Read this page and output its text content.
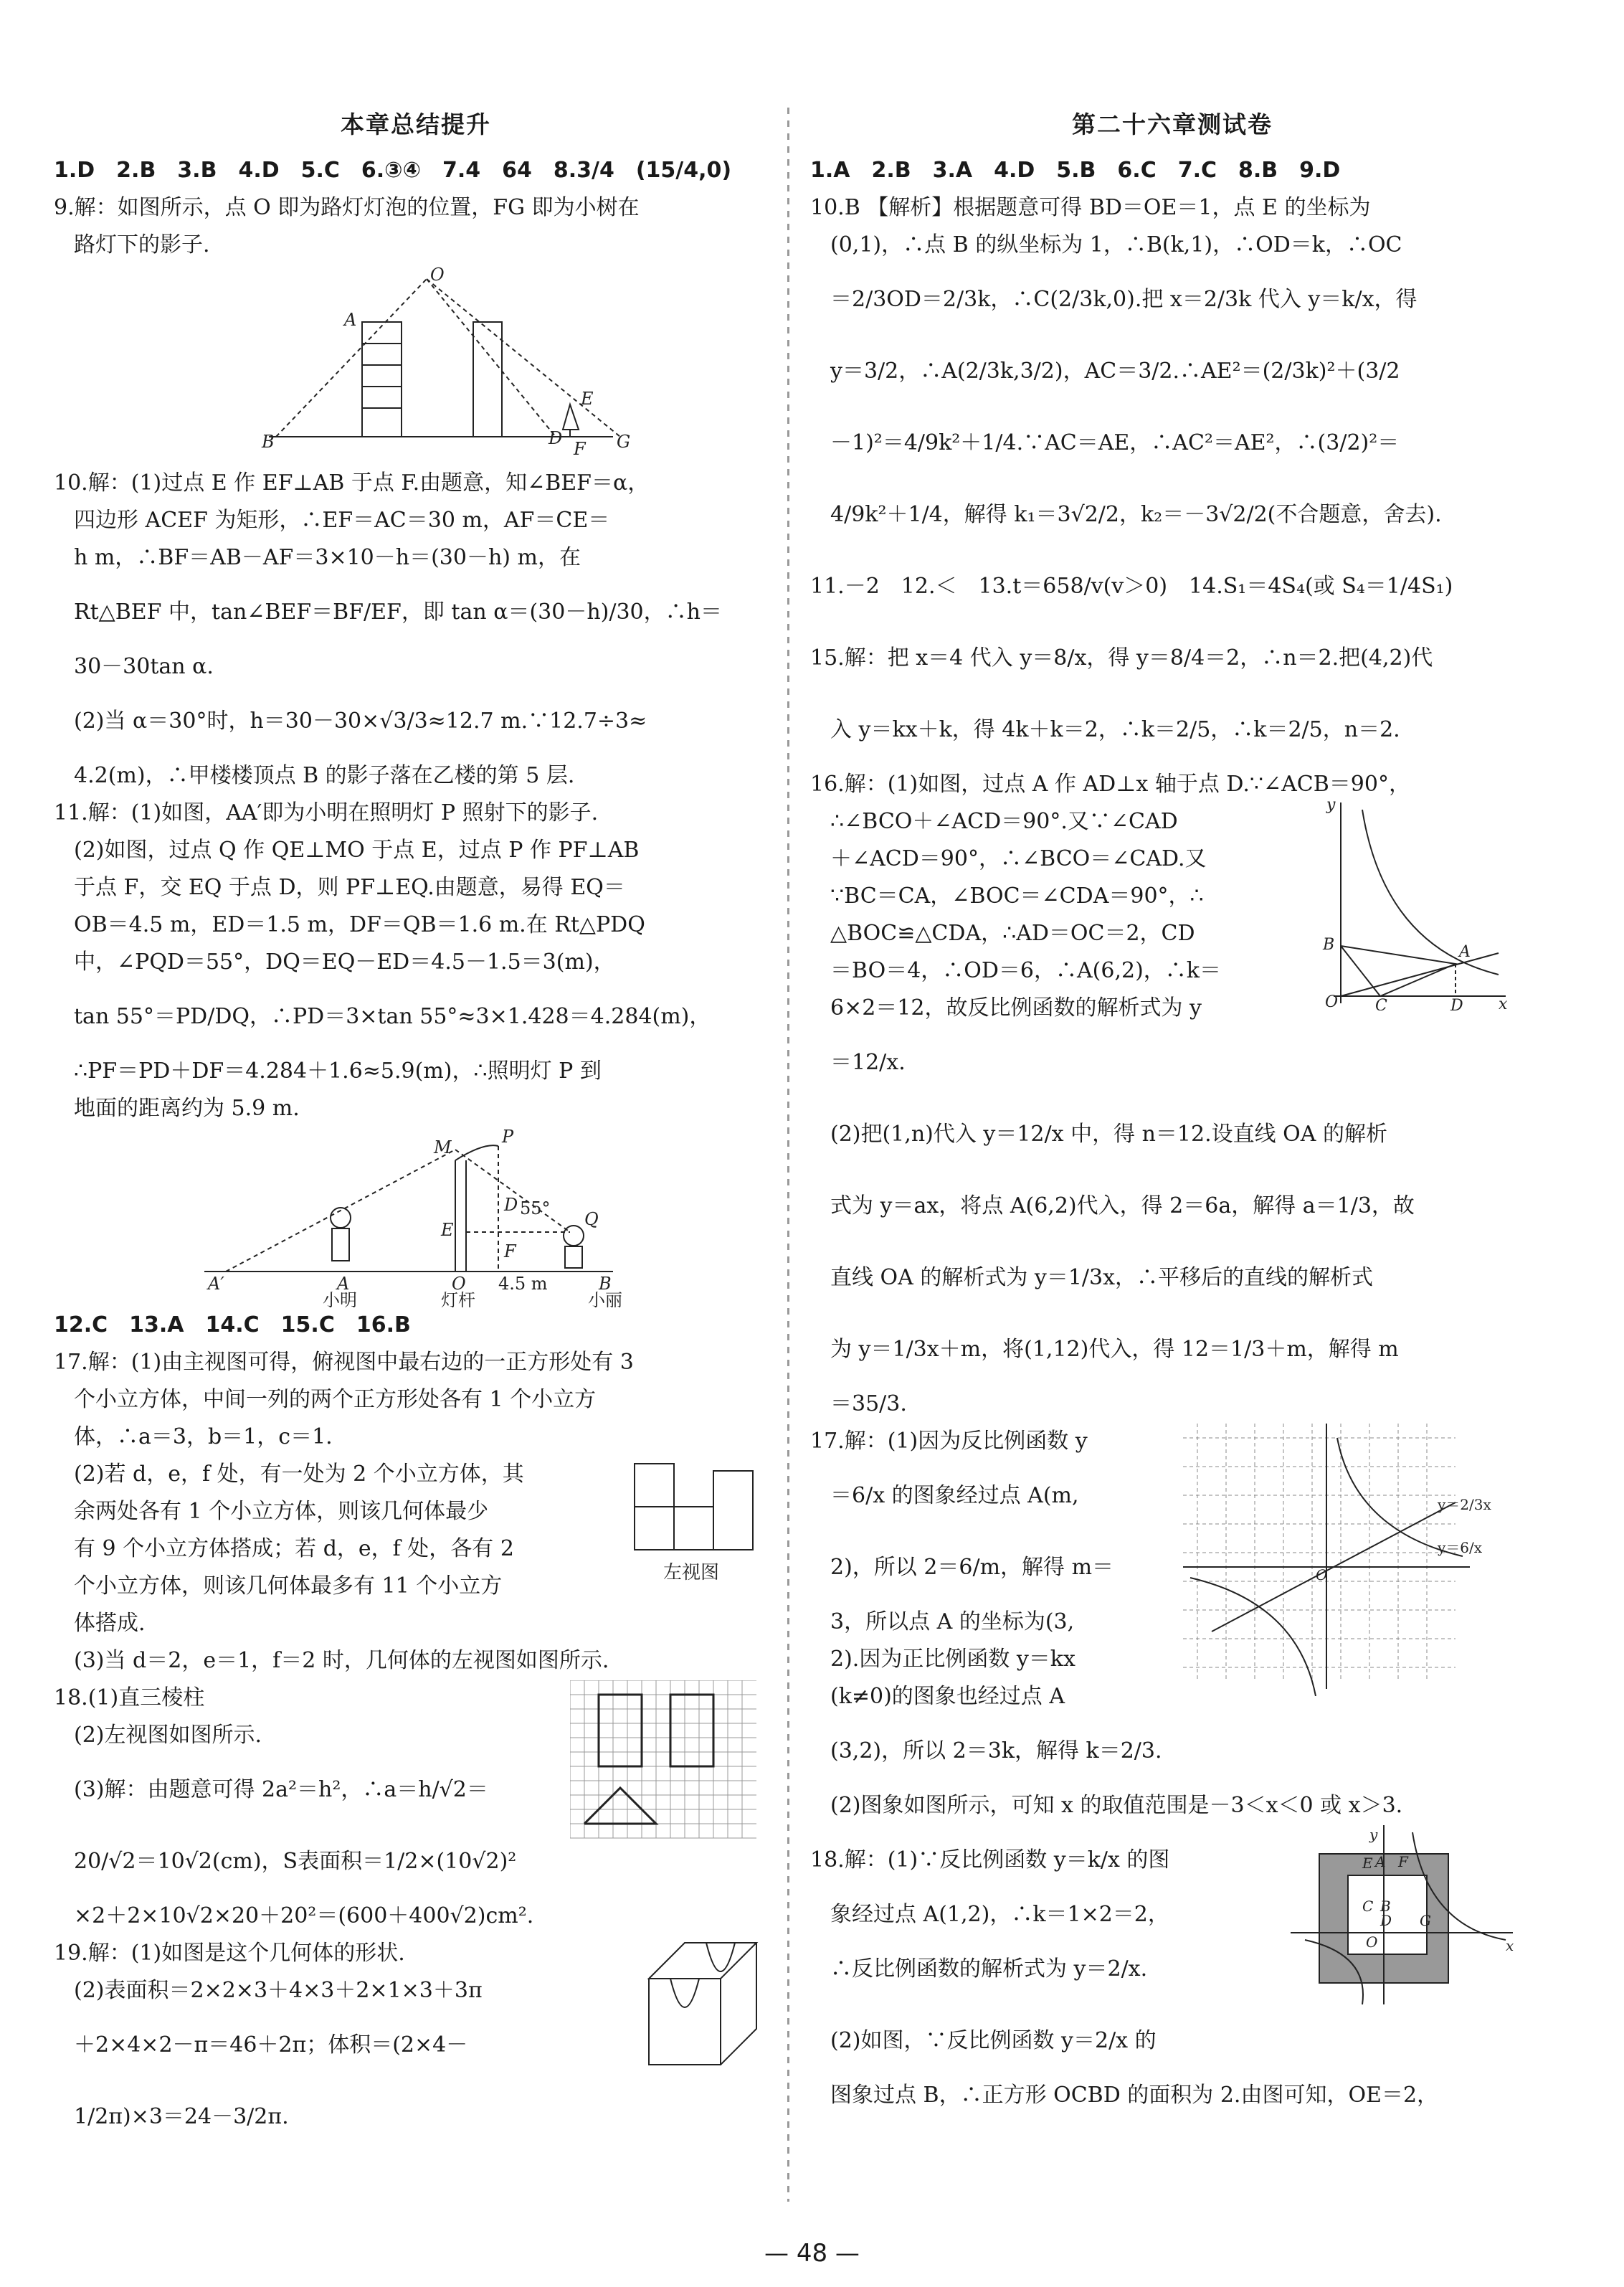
本章总结提升
1.D　2.B　3.B　4.D　5.C　6.③④　7.4　64　8.3/4　(15/4,0)
9.解：如图所示，点 O 即为路灯灯泡的位置，FG 即为小树在
路灯下的影子.
O
A
B
E
D
F G
10.解：(1)过点 E 作 EF⊥AB 于点 F.由题意，知∠BEF＝α，
四边形 ACEF 为矩形，∴EF＝AC＝30 m，AF＝CE＝
h m，∴BF＝AB－AF＝3×10－h＝(30－h) m，在
Rt△BEF 中，tan∠BEF＝BF/EF，即 tan α＝(30－h)/30，∴h＝
30－30tan α.
(2)当 α＝30°时，h＝30－30×√3/3≈12.7 m.∵12.7÷3≈
4.2(m)，∴甲楼楼顶点 B 的影子落在乙楼的第 5 层.
11.解：(1)如图，AA′即为小明在照明灯 P 照射下的影子.
(2)如图，过点 Q 作 QE⊥MO 于点 E，过点 P 作 PF⊥AB
于点 F，交 EQ 于点 D，则 PF⊥EQ.由题意，易得 EQ＝
OB＝4.5 m，ED＝1.5 m，DF＝QB＝1.6 m.在 Rt△PDQ
中，∠PQD＝55°，DQ＝EQ－ED＝4.5－1.5＝3(m)，
tan 55°＝PD/DQ，∴PD＝3×tan 55°≈3×1.428＝4.284(m)，
∴PF＝PD＋DF＝4.284＋1.6≈5.9(m)，∴照明灯 P 到
地面的距离约为 5.9 m.
M
P
Q
D
E
F
A′	A	O	B
55°
4.5 m
小明	灯杆	小丽
12.C　13.A　14.C　15.C　16.B
17.解：(1)由主视图可得，俯视图中最右边的一正方形处有 3
个小立方体，中间一列的两个正方形处各有 1 个小立方
体，∴a＝3，b＝1，c＝1.
(2)若 d，e，f 处，有一处为 2 个小立方体，其
余两处各有 1 个小立方体，则该几何体最少
有 9 个小立方体搭成；若 d，e，f 处，各有 2
个小立方体，则该几何体最多有 11 个小立方
体搭成.
左视图
(3)当 d＝2，e＝1，f＝2 时，几何体的左视图如图所示.
18.(1)直三棱柱
(2)左视图如图所示.
(3)解：由题意可得 2a²＝h²，∴a＝h/√2＝
20/√2＝10√2(cm)，S表面积＝1/2×(10√2)²
×2＋2×10√2×20＋20²＝(600＋400√2)cm².
19.解：(1)如图是这个几何体的形状.
(2)表面积＝2×2×3＋4×3＋2×1×3＋3π
＋2×4×2－π＝46＋2π；体积＝(2×4－
1/2π)×3＝24－3/2π.
第二十六章测试卷
1.A　2.B　3.A　4.D　5.B　6.C　7.C　8.B　9.D
10.B 【解析】根据题意可得 BD＝OE＝1，点 E 的坐标为
(0,1)，∴点 B 的纵坐标为 1，∴B(k,1)，∴OD＝k，∴OC
＝2/3OD＝2/3k，∴C(2/3k,0).把 x＝2/3k 代入 y＝k/x，得
y＝3/2，∴A(2/3k,3/2)，AC＝3/2.∴AE²＝(2/3k)²＋(3/2
－1)²＝4/9k²＋1/4.∵AC＝AE，∴AC²＝AE²，∴(3/2)²＝
4/9k²＋1/4，解得 k₁＝3√2/2，k₂＝－3√2/2(不合题意，舍去).
11.－2　12.＜　13.t＝658/v(v＞0)　14.S₁＝4S₄(或 S₄＝1/4S₁)
15.解：把 x＝4 代入 y＝8/x，得 y＝8/4＝2，∴n＝2.把(4,2)代
入 y＝kx＋k，得 4k＋k＝2，∴k＝2/5，∴k＝2/5，n＝2.
16.解：(1)如图，过点 A 作 AD⊥x 轴于点 D.∵∠ACB＝90°，
∴∠BCO＋∠ACD＝90°.又∵∠CAD
＋∠ACD＝90°，∴∠BCO＝∠CAD.又
∵BC＝CA，∠BOC＝∠CDA＝90°，∴
△BOC≌△CDA，∴AD＝OC＝2，CD
＝BO＝4，∴OD＝6，∴A(6,2)，∴k＝
6×2＝12，故反比例函数的解析式为 y
＝12/x.
B	A
O C	D x
y
(2)把(1,n)代入 y＝12/x 中，得 n＝12.设直线 OA 的解析
式为 y＝ax，将点 A(6,2)代入，得 2＝6a，解得 a＝1/3，故
直线 OA 的解析式为 y＝1/3x，∴平移后的直线的解析式
为 y＝1/3x＋m，将(1,12)代入，得 12＝1/3＋m，解得 m
＝35/3.
17.解：(1)因为反比例函数 y
＝6/x 的图象经过点 A(m,
2)，所以 2＝6/m，解得 m＝
3，所以点 A 的坐标为(3,
2).因为正比例函数 y＝kx
(k≠0)的图象也经过点 A
(3,2)，所以 2＝3k，解得 k＝2/3.
y＝2/3x
y＝6/x
O
(2)图象如图所示，可知 x 的取值范围是－3＜x＜0 或 x＞3.
18.解：(1)∵反比例函数 y＝k/x 的图
象经过点 A(1,2)，∴k＝1×2＝2，
∴反比例函数的解析式为 y＝2/x.
(2)如图，∵反比例函数 y＝2/x 的
图象过点 B，∴正方形 OCBD 的面积为 2.由图可知，OE＝2，
E A F
C B
D G
O	x
y
— 48 —
